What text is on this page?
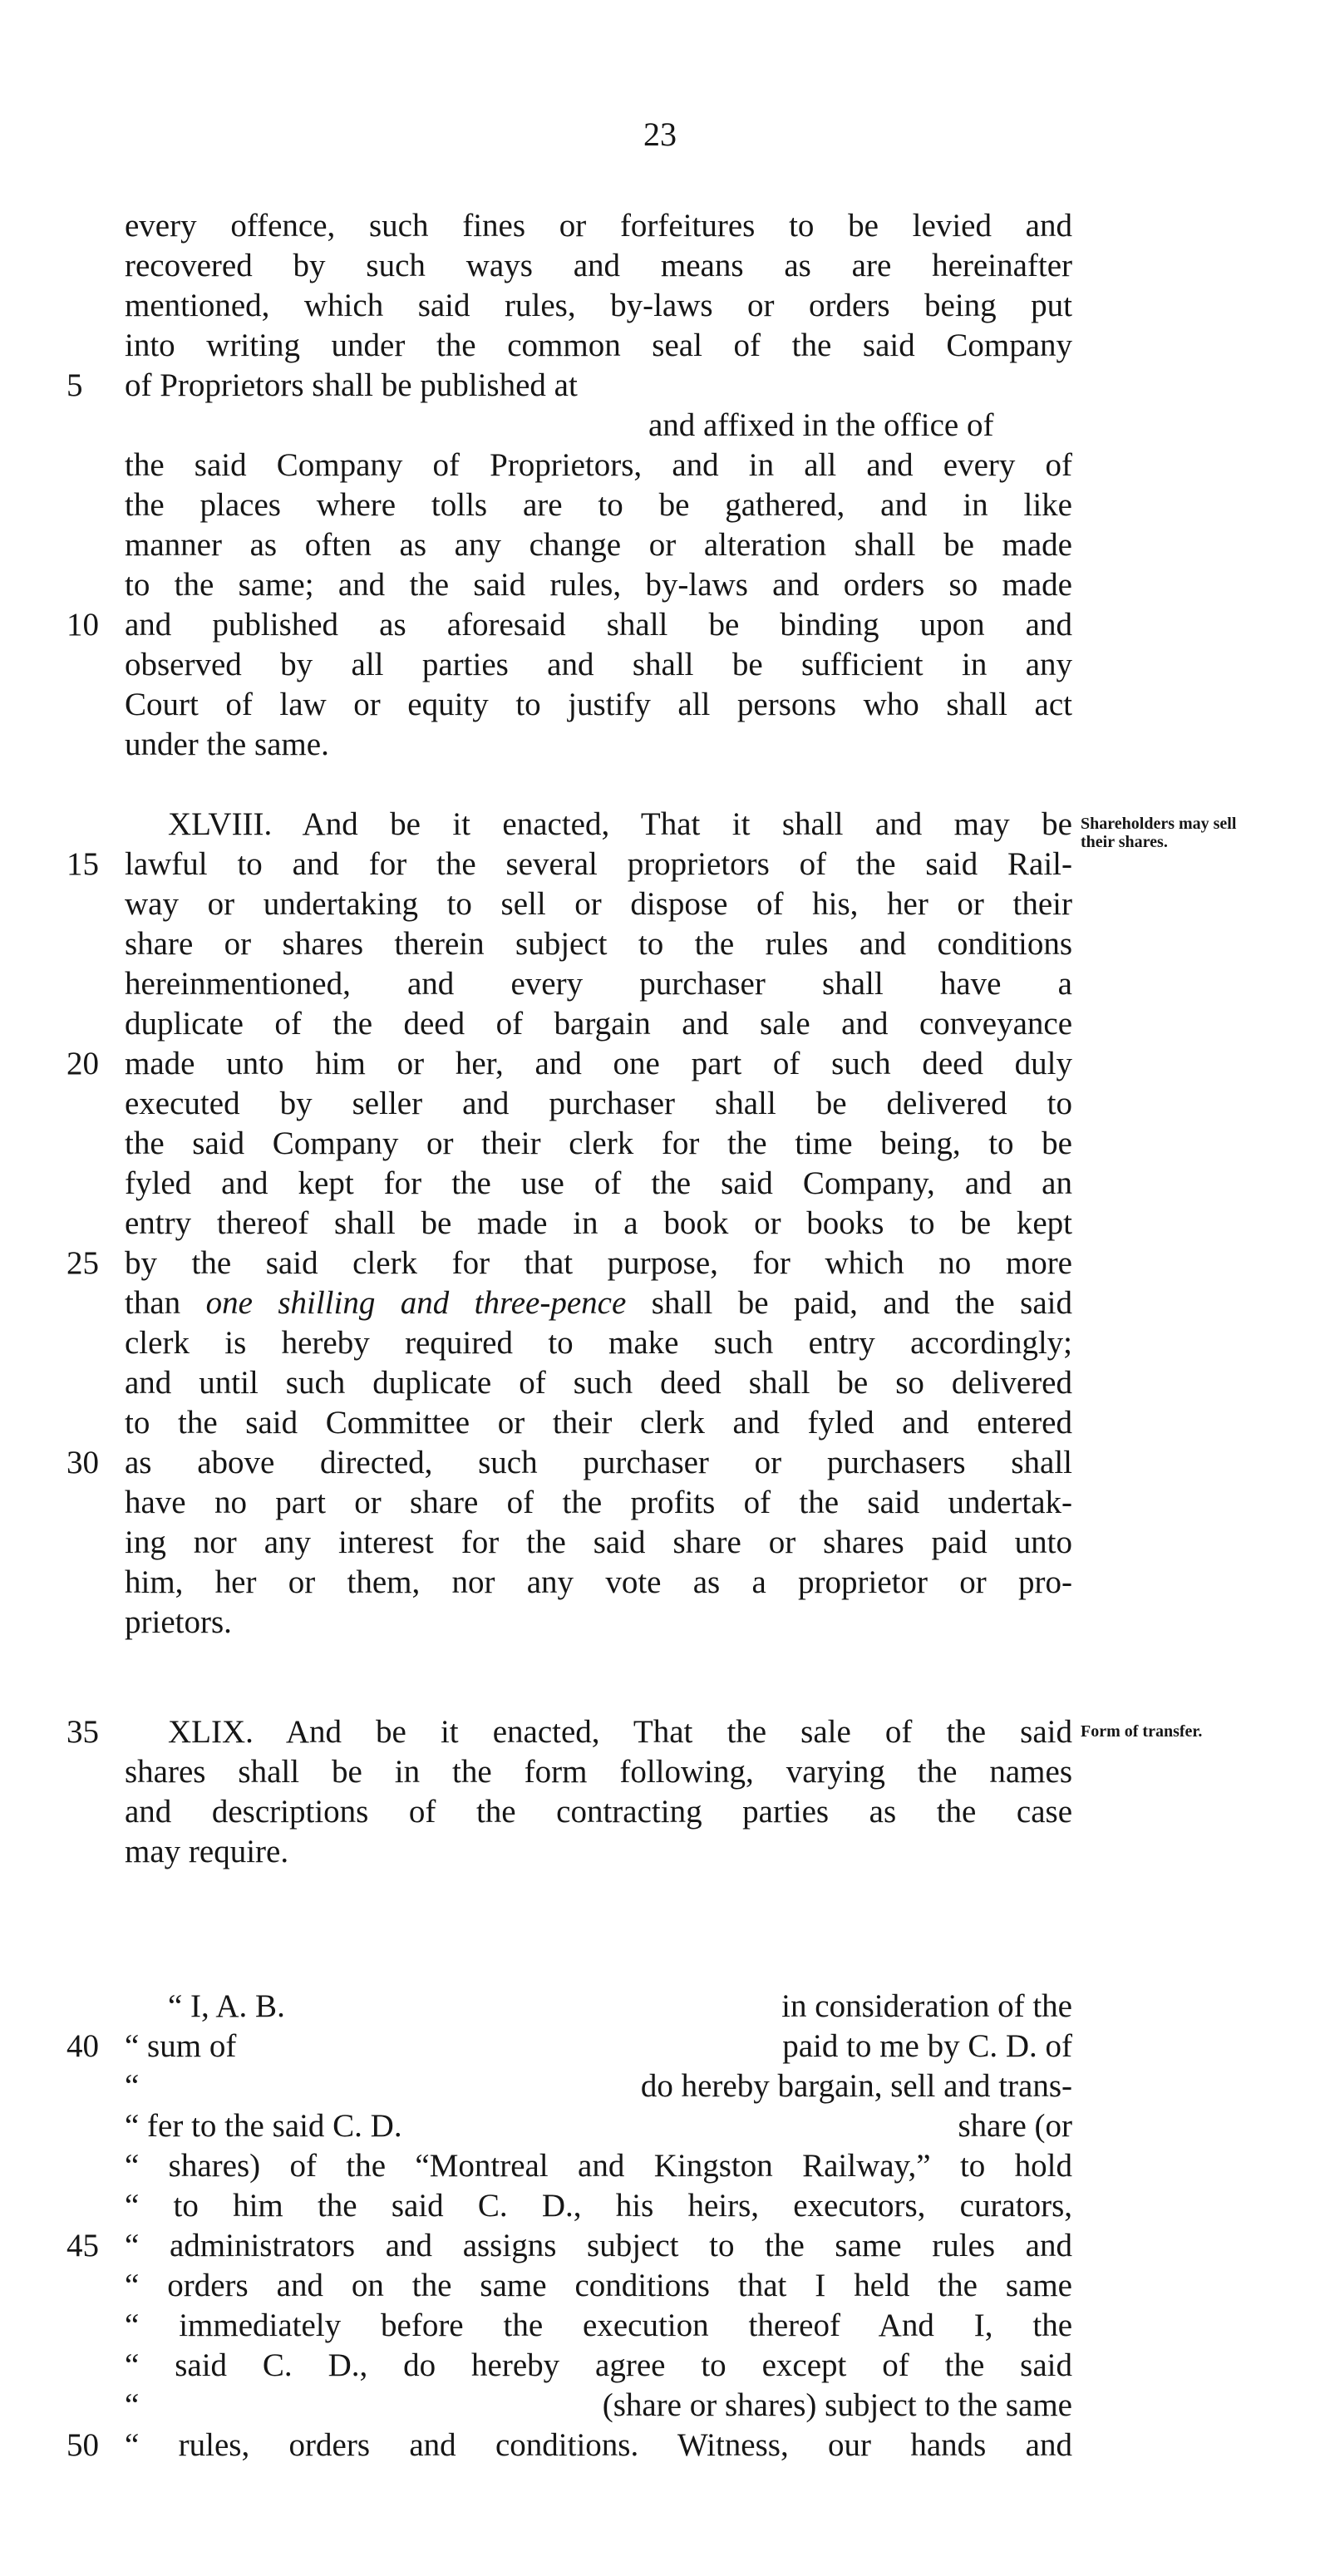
23
every offence, such fines or forfeitures to be levied and
recovered by such ways and means as are hereinafter
mentioned, which said rules, by-laws or orders being put
into writing under the common seal of the said Company
5	of Proprietors shall be published at
and affixed in the office of
the said Company of Proprietors, and in all and every of
the places where tolls are to be gathered, and in like
manner as often as any change or alteration shall be made
to the same; and the said rules, by-laws and orders so made
10 and published as aforesaid shall be binding upon and
observed by all parties and shall be sufficient in any
Court of law or equity to justify all persons who shall act
under the same.
XLVIII. And be it enacted, That it shall and may be
15 lawful to and for the several proprietors of the said Rail-
way or undertaking to sell or dispose of his, her or their
share or shares therein subject to the rules and conditions
hereinmentioned, and every purchaser shall have a
duplicate of the deed of bargain and sale and conveyance
20 made unto him or her, and one part of such deed duly
executed by seller and purchaser shall be delivered to
the said Company or their clerk for the time being, to be
fyled and kept for the use of the said Company, and an
entry thereof shall be made in a book or books to be kept
25 by the said clerk for that purpose, for which no more
than one shilling and three-pence shall be paid, and the said
clerk is hereby required to make such entry accordingly;
and until such duplicate of such deed shall be so delivered
to the said Committee or their clerk and fyled and entered
30 as above directed, such purchaser or purchasers shall
have no part or share of the profits of the said undertak-
ing nor any interest for the said share or shares paid unto
him, her or them, nor any vote as a proprietor or pro-
prietors.
Shareholders may sell their shares.
35	XLIX. And be it enacted, That the sale of the said
shares shall be in the form following, varying the names
and descriptions of the contracting parties as the case
may require.
Form of transfer.
“ I, A. B.	in consideration of the
40 “ sum of	paid to me by C. D. of
“	do hereby bargain, sell and trans-
“ fer to the said C. D.	share (or
“ shares) of the “Montreal and Kingston Railway,” to hold
“ to him the said C. D., his heirs, executors, curators,
45 “ administrators and assigns subject to the same rules and
“ orders and on the same conditions that I held the same
“ immediately before the execution thereof And I, the
“ said C. D., do hereby agree to except of the said
“	(share or shares) subject to the same
50 “ rules, orders and conditions. Witness, our hands and
